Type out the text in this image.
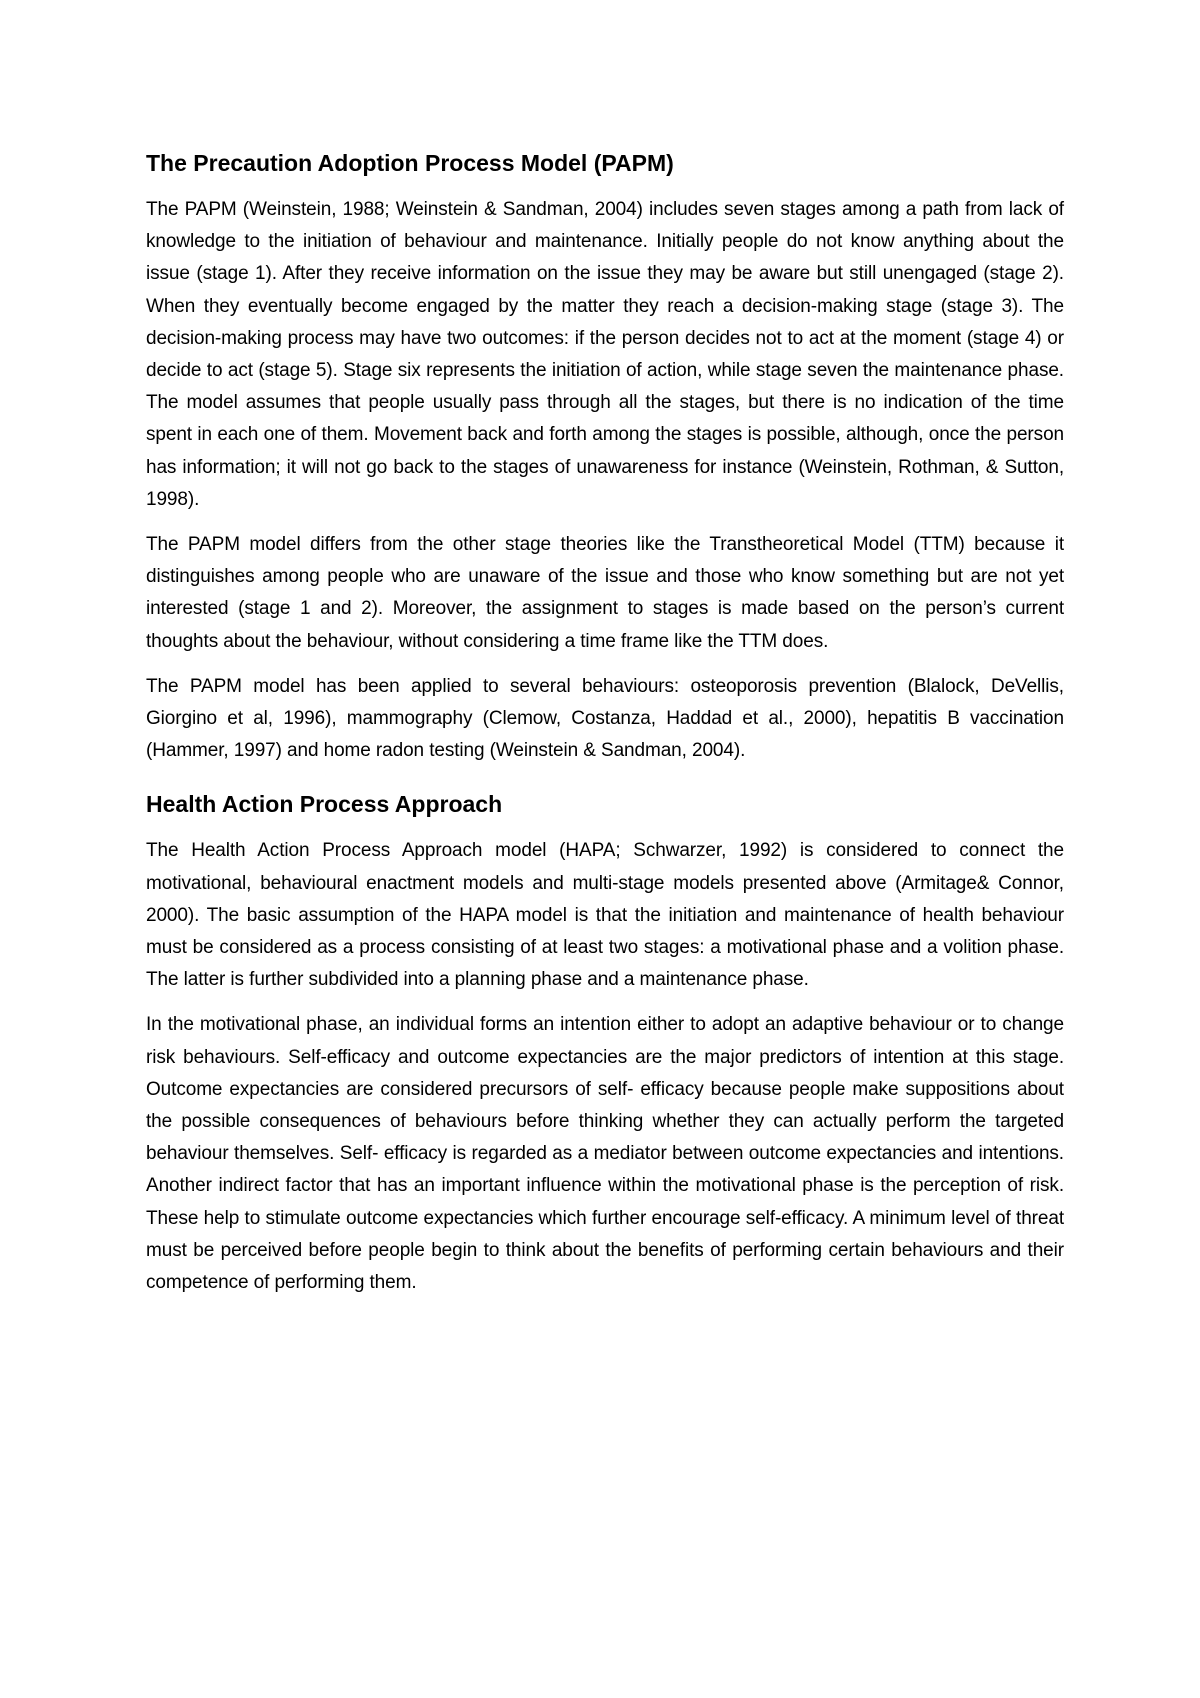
The Precaution Adoption Process Model (PAPM)

The PAPM (Weinstein, 1988; Weinstein & Sandman, 2004) includes seven stages among a path from lack of knowledge to the initiation of behaviour and maintenance. Initially people do not know anything about the issue (stage 1). After they receive information on the issue they may be aware but still unengaged (stage 2). When they eventually become engaged by the matter they reach a decision-making stage (stage 3). The decision-making process may have two outcomes: if the person decides not to act at the moment (stage 4) or decide to act (stage 5). Stage six represents the initiation of action, while stage seven the maintenance phase. The model assumes that people usually pass through all the stages, but there is no indication of the time spent in each one of them. Movement back and forth among the stages is possible, although, once the person has information; it will not go back to the stages of unawareness for instance (Weinstein, Rothman, & Sutton, 1998).

The PAPM model differs from the other stage theories like the Transtheoretical Model (TTM) because it distinguishes among people who are unaware of the issue and those who know something but are not yet interested (stage 1 and 2). Moreover, the assignment to stages is made based on the person’s current thoughts about the behaviour, without considering a time frame like the TTM does.

The PAPM model has been applied to several behaviours: osteoporosis prevention (Blalock, DeVellis, Giorgino et al, 1996), mammography (Clemow, Costanza, Haddad et al., 2000), hepatitis B vaccination (Hammer, 1997) and home radon testing (Weinstein & Sandman, 2004).

Health Action Process Approach

The Health Action Process Approach model (HAPA; Schwarzer, 1992) is considered to connect the motivational, behavioural enactment models and multi-stage models presented above (Armitage& Connor, 2000). The basic assumption of the HAPA model is that the initiation and maintenance of health behaviour must be considered as a process consisting of at least two stages: a motivational phase and a volition phase. The latter is further subdivided into a planning phase and a maintenance phase.

In the motivational phase, an individual forms an intention either to adopt an adaptive behaviour or to change risk behaviours. Self-efficacy and outcome expectancies are the major predictors of intention at this stage. Outcome expectancies are considered precursors of self- efficacy because people make suppositions about the possible consequences of behaviours before thinking whether they can actually perform the targeted behaviour themselves. Self- efficacy is regarded as a mediator between outcome expectancies and intentions. Another indirect factor that has an important influence within the motivational phase is the perception of risk. These help to stimulate outcome expectancies which further encourage self-efficacy. A minimum level of threat must be perceived before people begin to think about the benefits of performing certain behaviours and their competence of performing them.
